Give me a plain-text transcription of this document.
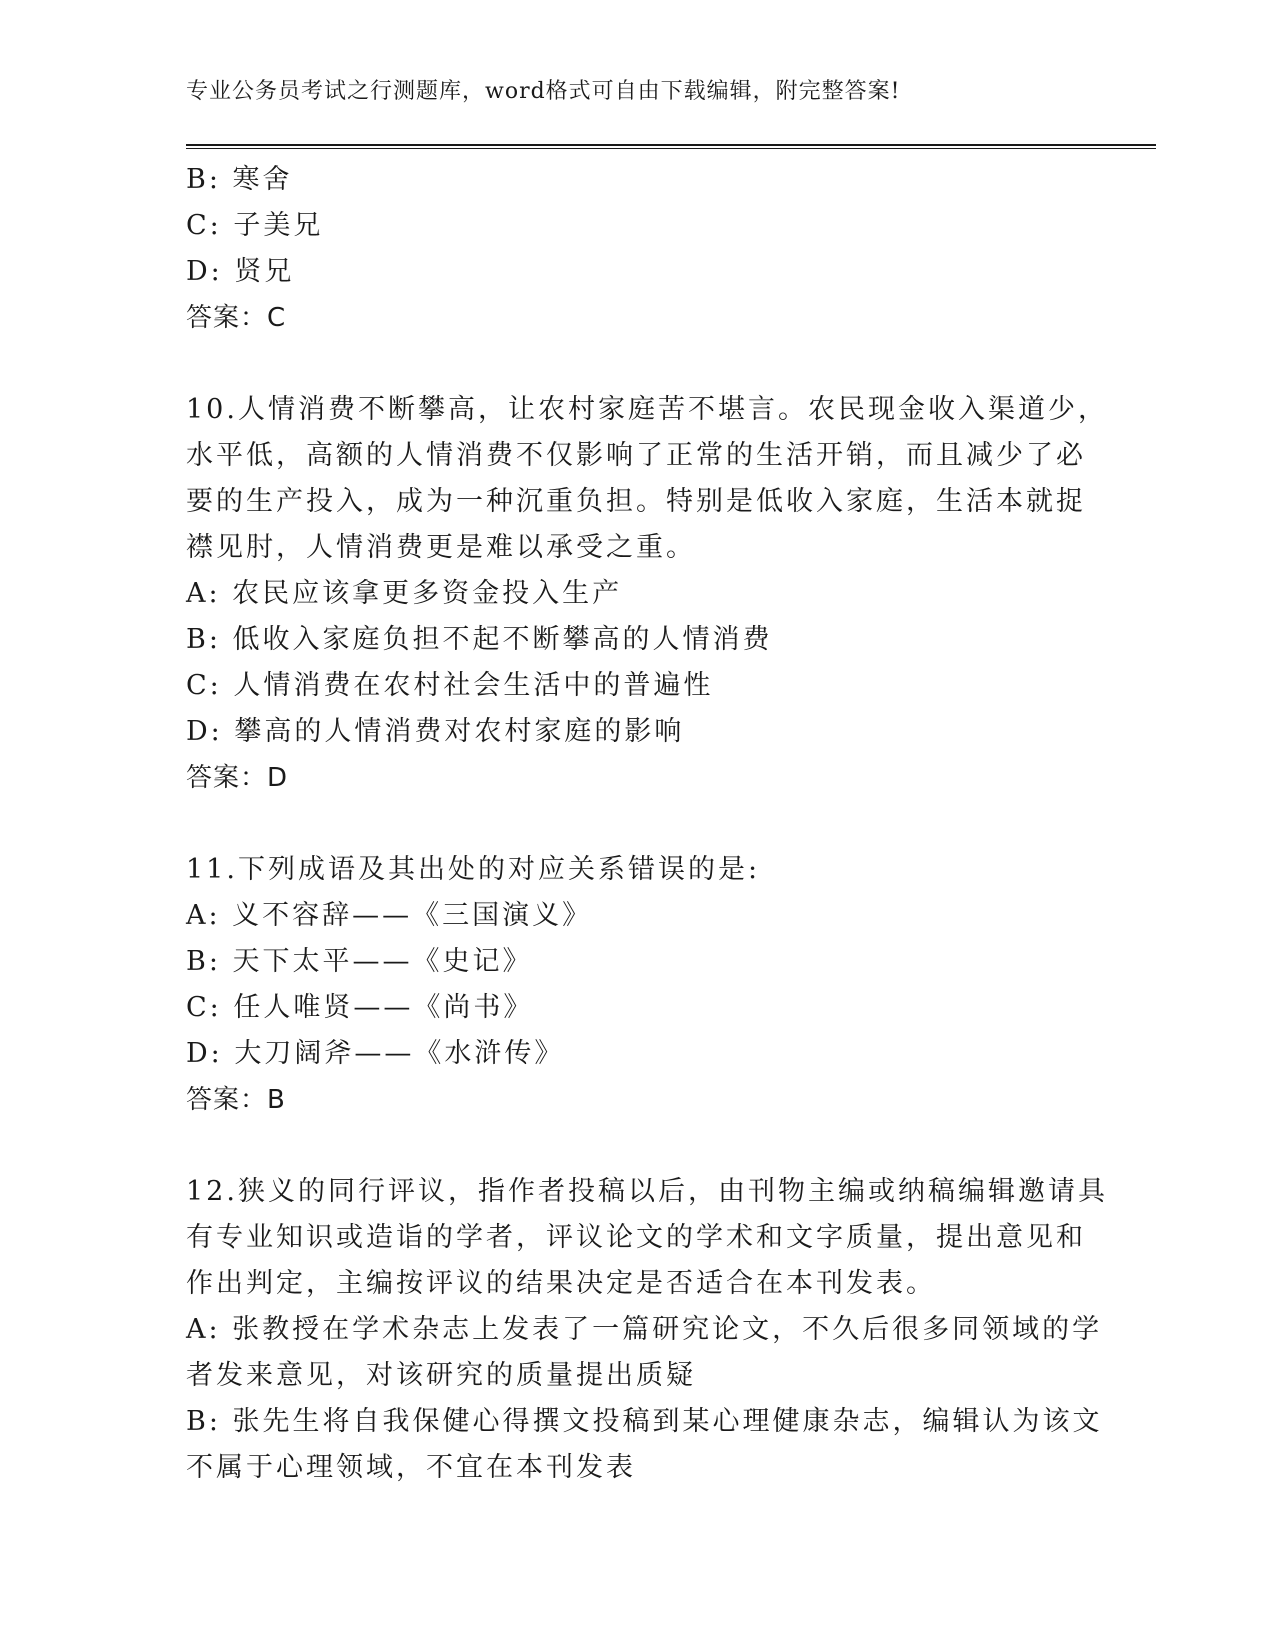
专业公务员考试之行测题库，word格式可自由下载编辑，附完整答案!
B: 寒舍
C: 子美兄
D: 贤兄
答案：C
10.人情消费不断攀高，让农村家庭苦不堪言。农民现金收入渠道少，
水平低，高额的人情消费不仅影响了正常的生活开销，而且减少了必
要的生产投入，成为一种沉重负担。特别是低收入家庭，生活本就捉
襟见肘，人情消费更是难以承受之重。
A: 农民应该拿更多资金投入生产
B: 低收入家庭负担不起不断攀高的人情消费
C: 人情消费在农村社会生活中的普遍性
D: 攀高的人情消费对农村家庭的影响
答案：D
11.下列成语及其出处的对应关系错误的是:
A: 义不容辞——《三国演义》
B: 天下太平——《史记》
C: 任人唯贤——《尚书》
D: 大刀阔斧——《水浒传》
答案：B
12.狭义的同行评议，指作者投稿以后，由刊物主编或纳稿编辑邀请具
有专业知识或造诣的学者，评议论文的学术和文字质量，提出意见和
作出判定，主编按评议的结果决定是否适合在本刊发表。
A: 张教授在学术杂志上发表了一篇研究论文，不久后很多同领域的学
者发来意见，对该研究的质量提出质疑
B: 张先生将自我保健心得撰文投稿到某心理健康杂志，编辑认为该文
不属于心理领域，不宜在本刊发表
